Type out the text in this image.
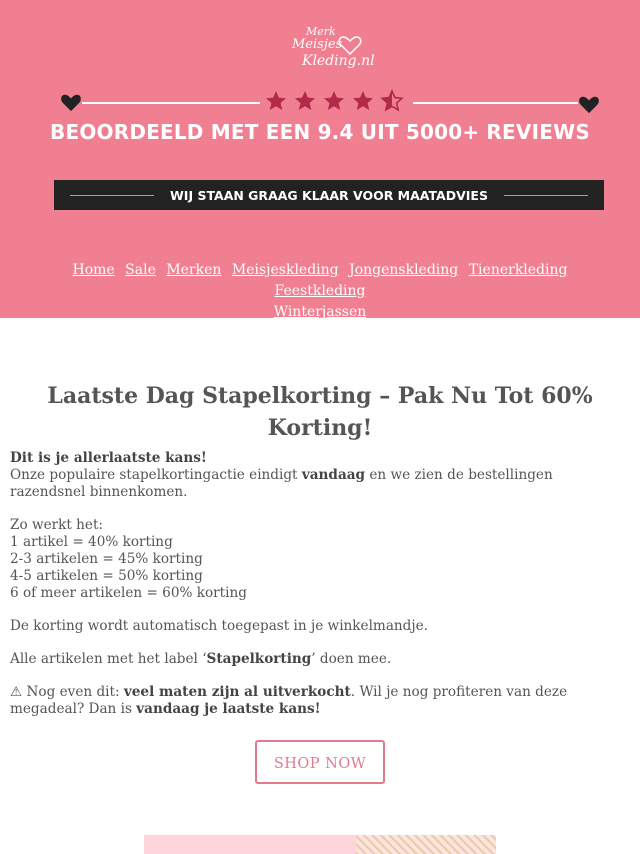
Merk
Meisjes
Kleding.nl
BEOORDEELD MET EEN 9.4 UIT 5000+ REVIEWS
WIJ STAAN GRAAG KLAAR VOOR MAATADVIES
Home Sale Merken Meisjeskleding Jongenskleding Tienerkleding Feestkleding
Winterjassen
Laatste Dag Stapelkorting – Pak Nu Tot 60% Korting!

Dit is je allerlaatste kans!
Onze populaire stapelkortingactie eindigt vandaag en we zien de bestellingen razendsnel binnenkomen.

Zo werkt het:
1 artikel = 40% korting
2-3 artikelen = 45% korting
4-5 artikelen = 50% korting
6 of meer artikelen = 60% korting

De korting wordt automatisch toegepast in je winkelmandje.

Alle artikelen met het label ‘Stapelkorting’ doen mee.

⚠ Nog even dit: veel maten zijn al uitverkocht. Wil je nog profiteren van deze megadeal? Dan is vandaag je laatste kans!

SHOP NOW
